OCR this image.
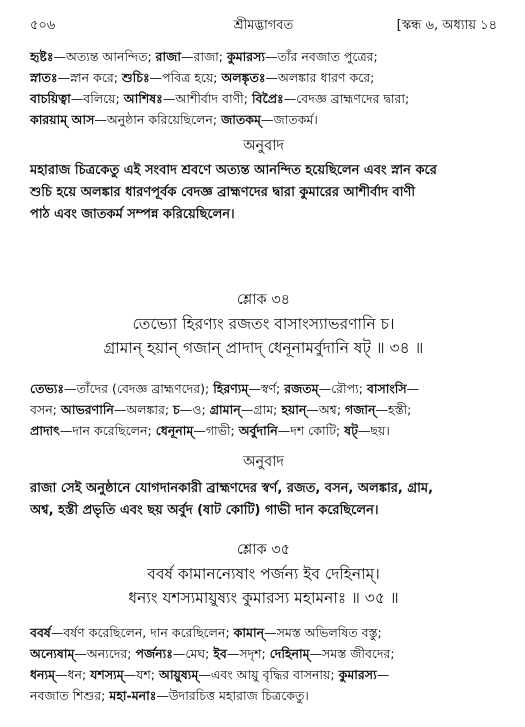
৫০৬	শ্রীমদ্ভাগবত	[স্কন্ধ ৬, অধ্যায় ১৪
হৃষ্টঃ—অত্যন্ত আনন্দিত; রাজা—রাজা; কুমারস্য—তাঁর নবজাত পুত্রের;
স্নাতঃ—স্নান করে; শুচিঃ—পবিত্র হয়ে; অলঙ্কৃতঃ—অলঙ্কার ধারণ করে;
বাচয়িত্বা—বলিয়ে; আশিষঃ—আশীর্বাদ বাণী; বিপ্রৈঃ—বেদজ্ঞ ব্রাহ্মণদের দ্বারা;
কারয়াম্ আস—অনুষ্ঠান করিয়েছিলেন; জাতকম্—জাতকর্ম।
অনুবাদ
মহারাজ চিত্রকেতু এই সংবাদ শ্রবণে অত্যন্ত আনন্দিত হয়েছিলেন এবং স্নান করে
শুচি হয়ে অলঙ্কার ধারণপূর্বক বেদজ্ঞ ব্রাহ্মণদের দ্বারা কুমারের আশীর্বাদ বাণী
পাঠ এবং জাতকর্ম সম্পন্ন করিয়েছিলেন।
শ্লোক ৩৪
তেভ্যো হিরণ্যং রজতং বাসাংস্যাভরণানি চ।
গ্রামান্ হয়ান্ গজান্ প্রাদাদ্ ধেনূনামর্বুদানি ষট্ ॥ ৩৪ ॥
তেভ্যঃ—তাঁদের (বেদজ্ঞ ব্রাহ্মণদের); হিরণ্যম্—স্বর্ণ; রজতম্—রৌপ্য; বাসাংসি—
বসন; আভরণানি—অলঙ্কার; চ—ও; গ্রামান্—গ্রাম; হয়ান্—অশ্ব; গজান্—হস্তী;
প্রাদাৎ—দান করেছিলেন; ধেনূনাম্—গাভী; অর্বুদানি—দশ কোটি; ষট্—ছয়।
অনুবাদ
রাজা সেই অনুষ্ঠানে যোগদানকারী ব্রাহ্মণদের স্বর্ণ, রজত, বসন, অলঙ্কার, গ্রাম,
অশ্ব, হস্তী প্রভৃতি এবং ছয় অর্বুদ (ষাট কোটি) গাভী দান করেছিলেন।
শ্লোক ৩৫
ববর্ষ কামানন্যেষাং পর্জন্য ইব দেহিনাম্।
ধন্যং যশস্যমায়ুষ্যং কুমারস্য মহামনাঃ ॥ ৩৫ ॥
ববর্ষ—বর্ষণ করেছিলেন, দান করেছিলেন; কামান্—সমস্ত অভিলষিত বস্তু;
অন্যেষাম্—অন্যদের; পর্জন্যঃ—মেঘ; ইব—সদৃশ; দেহিনাম্—সমস্ত জীবদের;
ধন্যম্—ধন; যশস্যম্—যশ; আয়ুষ্যম্—এবং আয়ু বৃদ্ধির বাসনায়; কুমারস্য—
নবজাত শিশুর; মহা-মনাঃ—উদারচিত্ত মহারাজ চিত্রকেতু।
